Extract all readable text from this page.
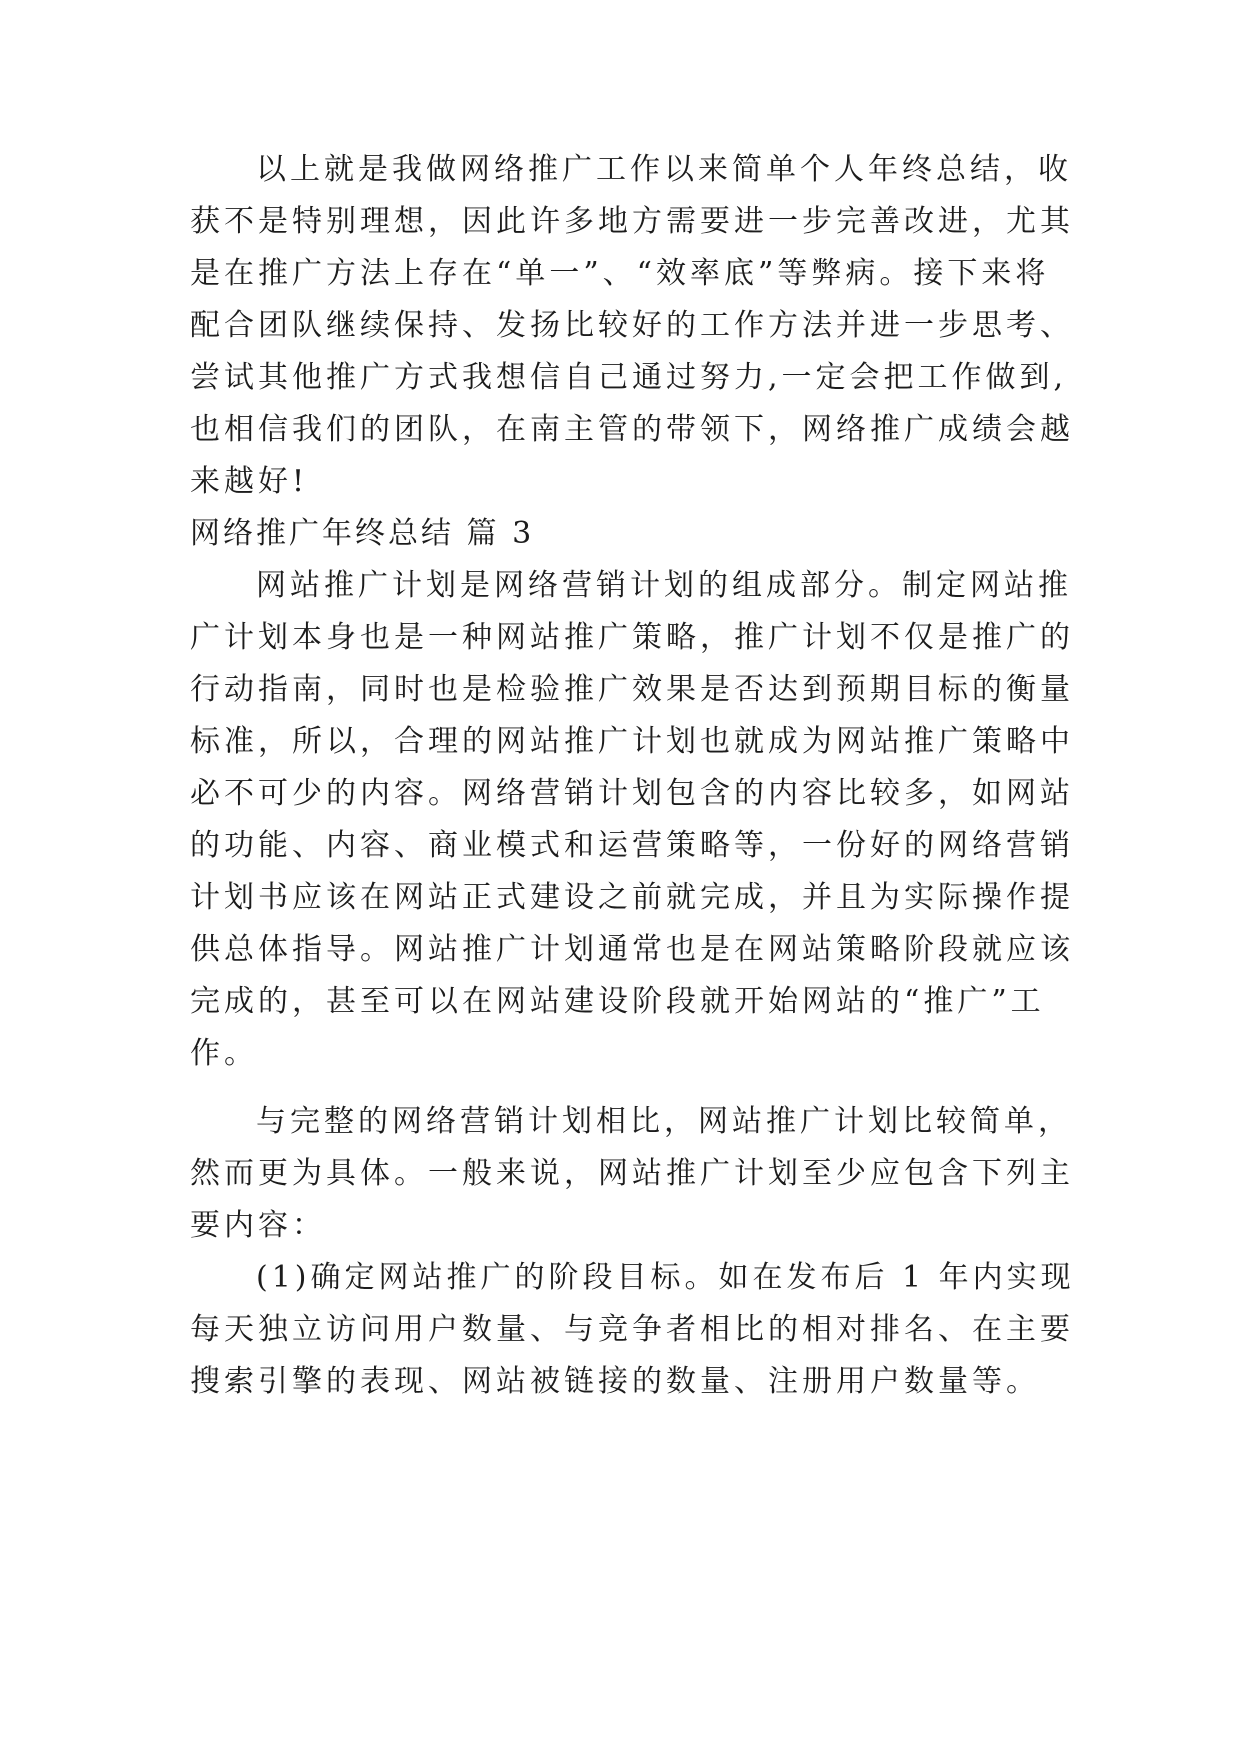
以上就是我做网络推广工作以来简单个人年终总结，收
获不是特别理想，因此许多地方需要进一步完善改进，尤其
是在推广方法上存在“单一”、“效率底”等弊病。接下来将
配合团队继续保持、发扬比较好的工作方法并进一步思考、
尝试其他推广方式我想信自己通过努力,一定会把工作做到,
也相信我们的团队，在南主管的带领下，网络推广成绩会越
来越好!
网络推广年终总结 篇 3
网站推广计划是网络营销计划的组成部分。制定网站推
广计划本身也是一种网站推广策略，推广计划不仅是推广的
行动指南，同时也是检验推广效果是否达到预期目标的衡量
标准，所以，合理的网站推广计划也就成为网站推广策略中
必不可少的内容。网络营销计划包含的内容比较多，如网站
的功能、内容、商业模式和运营策略等，一份好的网络营销
计划书应该在网站正式建设之前就完成，并且为实际操作提
供总体指导。网站推广计划通常也是在网站策略阶段就应该
完成的，甚至可以在网站建设阶段就开始网站的“推广”工
作。
与完整的网络营销计划相比，网站推广计划比较简单，
然而更为具体。一般来说，网站推广计划至少应包含下列主
要内容：
(1)确定网站推广的阶段目标。如在发布后 1 年内实现
每天独立访问用户数量、与竞争者相比的相对排名、在主要
搜索引擎的表现、网站被链接的数量、注册用户数量等。
